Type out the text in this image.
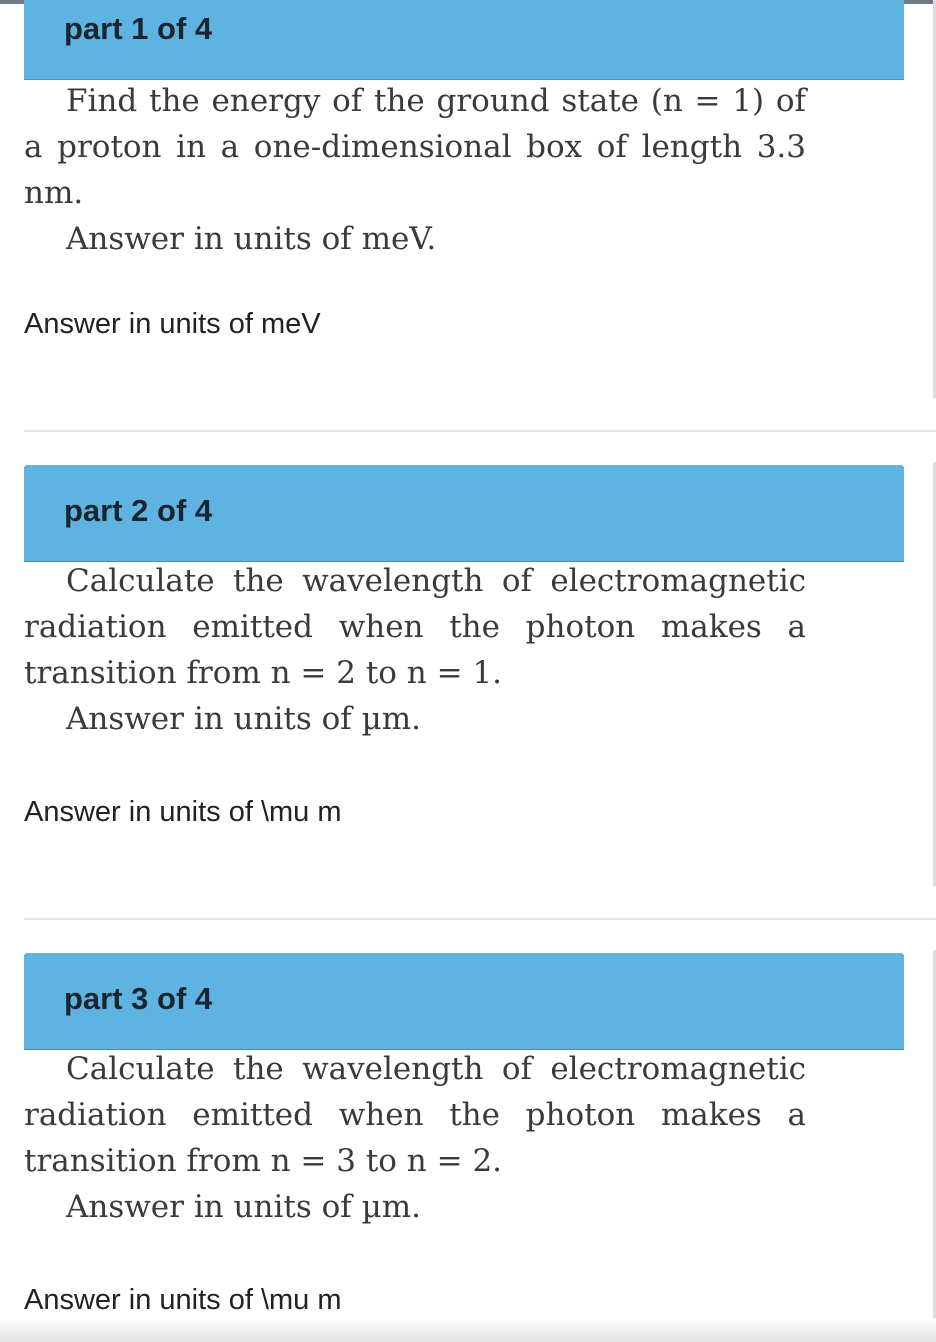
part 1 of 4

Find the energy of the ground state (n = 1) of a proton in a one-dimensional box of length 3.3 nm.

Answer in units of meV.
Answer in units of meV
part 2 of 4

Calculate the wavelength of electromagnetic radiation emitted when the photon makes a transition from n = 2 to n = 1.

Answer in units of µm.
Answer in units of \mu m
part 3 of 4

Calculate the wavelength of electromagnetic radiation emitted when the photon makes a transition from n = 3 to n = 2.

Answer in units of µm.
Answer in units of \mu m
